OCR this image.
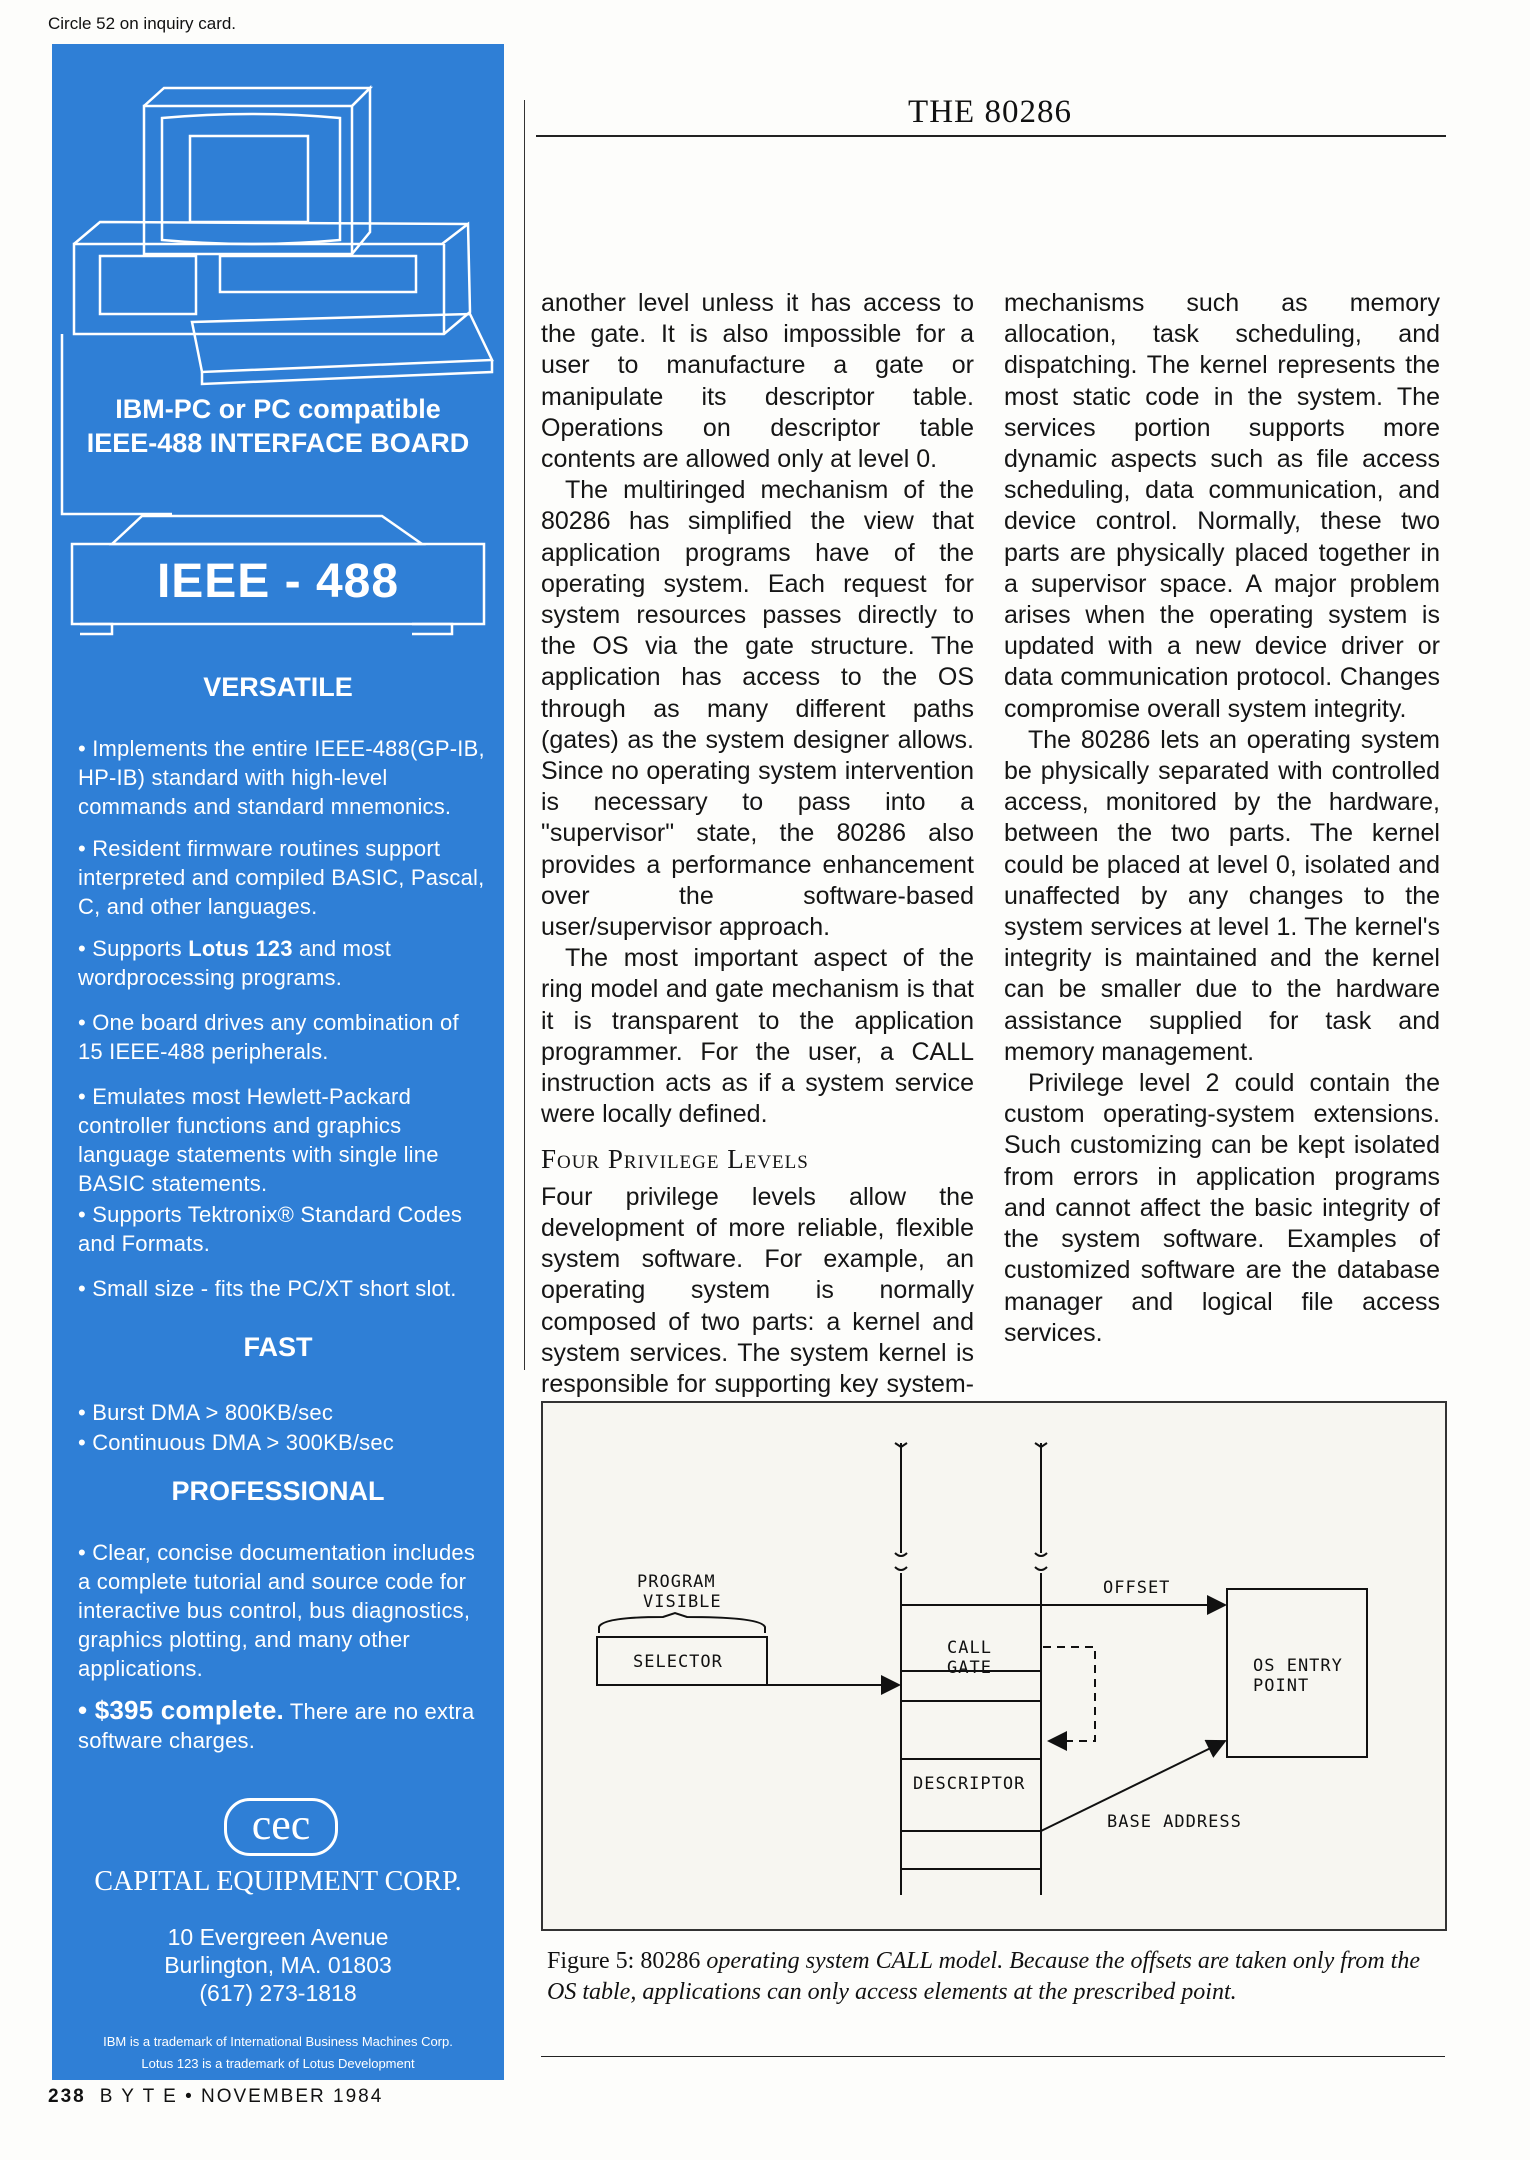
Circle 52 on inquiry card.
IBM-PC or PC compatible
IEEE-488 INTERFACE BOARD
IEEE - 488
VERSATILE
• Implements the entire IEEE-488(GP-IB, HP-IB) standard with high-level commands and standard mnemonics.
• Resident firmware routines support interpreted and compiled BASIC, Pascal, C, and other languages.
• Supports Lotus 123 and most wordprocessing programs.
• One board drives any combination of 15 IEEE-488 peripherals.
• Emulates most Hewlett-Packard controller functions and graphics language statements with single line BASIC statements.
• Supports Tektronix® Standard Codes and Formats.
• Small size - fits the PC/XT short slot.
FAST
• Burst DMA > 800KB/sec
• Continuous DMA > 300KB/sec
PROFESSIONAL
• Clear, concise documentation includes a complete tutorial and source code for interactive bus control, bus diagnostics, graphics plotting, and many other applications.
• $395 complete. There are no extra software charges.
cec
CAPITAL EQUIPMENT CORP.
10 Evergreen Avenue
Burlington, MA. 01803
(617) 273-1818
IBM is a trademark of International Business Machines Corp.
Lotus 123 is a trademark of Lotus Development
THE 80286

another level unless it has access to the gate. It is also impossible for a user to manufacture a gate or manipulate its descriptor table. Operations on descriptor table contents are allowed only at level 0.

The multiringed mechanism of the 80286 has simplified the view that application programs have of the operating system. Each request for system resources passes directly to the OS via the gate structure. The application has access to the OS through as many different paths (gates) as the system designer allows. Since no operating system intervention is necessary to pass into a "supervisor" state, the 80286 also provides a performance enhancement over the software-based user/supervisor approach.

The most important aspect of the ring model and gate mechanism is that it is transparent to the application programmer. For the user, a CALL instruction acts as if a system service were locally defined.

Four Privilege Levels

Four privilege levels allow the development of more reliable, flexible system software. For example, an operating system is normally composed of two parts: a kernel and system services. The system kernel is responsible for supporting key system-

mechanisms such as memory allocation, task scheduling, and dispatching. The kernel represents the most static code in the system. The services portion supports more dynamic aspects such as file access scheduling, data communication, and device control. Normally, these two parts are physically placed together in a supervisor space. A major problem arises when the operating system is updated with a new device driver or data communication protocol. Changes compromise overall system integrity.

The 80286 lets an operating system be physically separated with controlled access, monitored by the hardware, between the two parts. The kernel could be placed at level 0, isolated and unaffected by any changes to the system services at level 1. The kernel's integrity is maintained and the kernel can be smaller due to the hardware assistance supplied for task and memory management.

Privilege level 2 could contain the custom operating-system extensions. Such customizing can be kept isolated from errors in application programs and cannot affect the basic integrity of the system software. Examples of customized software are the database manager and logical file access services.

PROGRAM
VISIBLE
SELECTOR
CALL
GATE
OFFSET
OS ENTRY
POINT
DESCRIPTOR
BASE ADDRESS
Figure 5: 80286 operating system CALL model. Because the offsets are taken only from the OS table, applications can only access elements at the prescribed point.
238 B Y T E • NOVEMBER 1984
